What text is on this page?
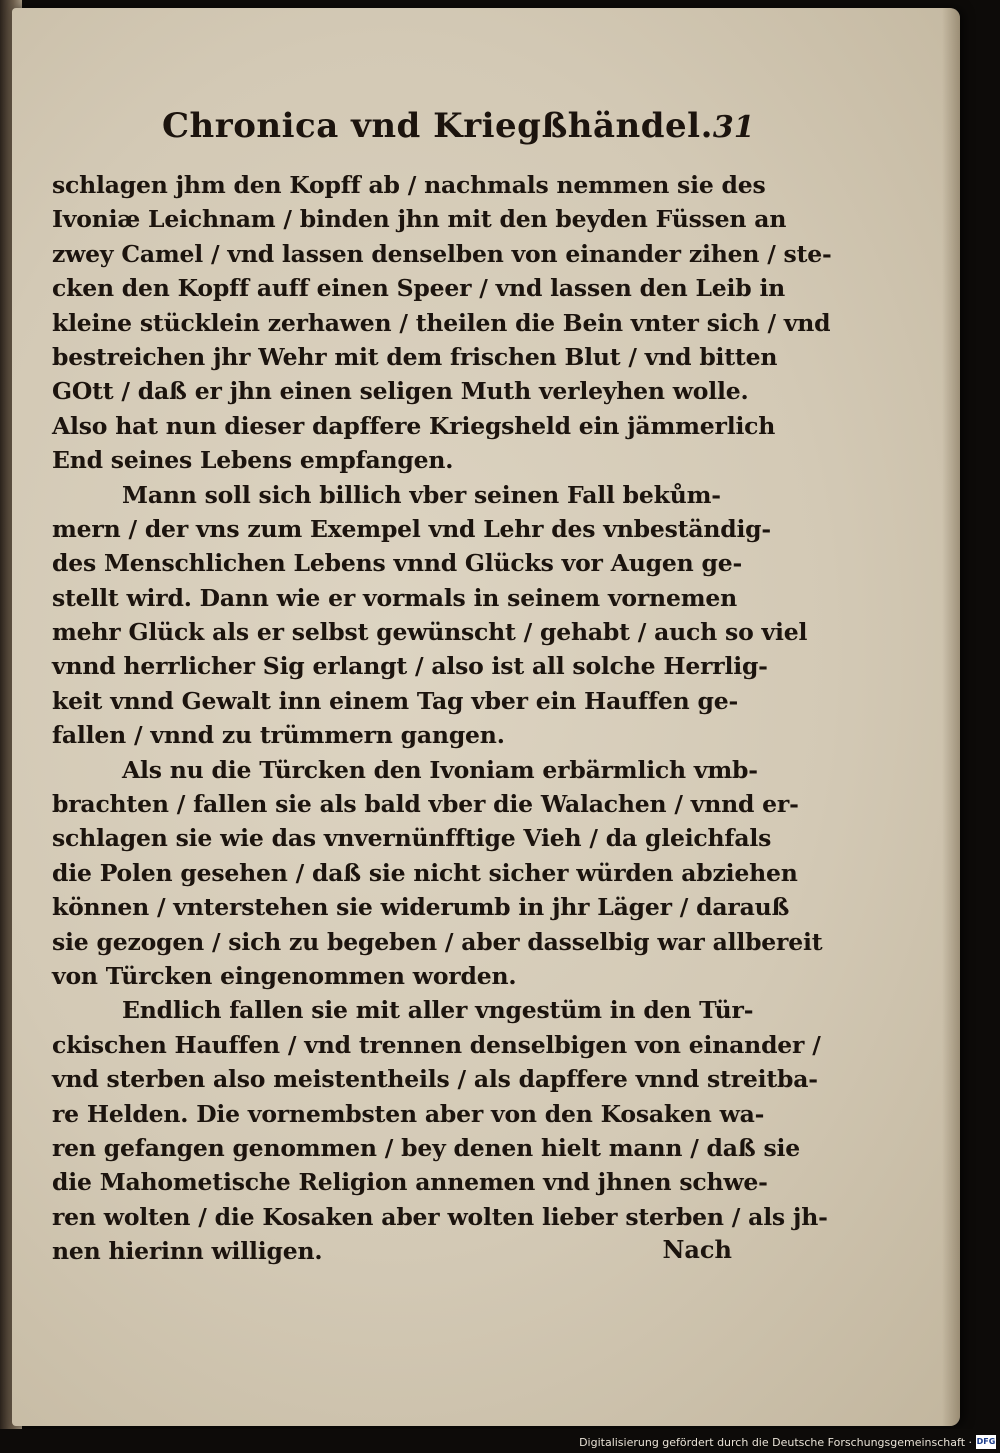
Chronica vnd Kriegßhändel. 31
schlagen jhm den Kopff ab / nachmals nemmen sie des
Ivoniæ Leichnam / binden jhn mit den beyden Füssen an
zwey Camel / vnd lassen denselben von einander zihen / ste-
cken den Kopff auff einen Speer / vnd lassen den Leib in
kleine stücklein zerhawen / theilen die Bein vnter sich / vnd
bestreichen jhr Wehr mit dem frischen Blut / vnd bitten
GOtt / daß er jhn einen seligen Muth verleyhen wolle.
Also hat nun dieser dapffere Kriegsheld ein jämmerlich
End seines Lebens empfangen.
Mann soll sich billich vber seinen Fall bekům-
mern / der vns zum Exempel vnd Lehr des vnbeständig-
des Menschlichen Lebens vnnd Glücks vor Augen ge-
stellt wird. Dann wie er vormals in seinem vornemen
mehr Glück als er selbst gewünscht / gehabt / auch so viel
vnnd herrlicher Sig erlangt / also ist all solche Herrlig-
keit vnnd Gewalt inn einem Tag vber ein Hauffen ge-
fallen / vnnd zu trümmern gangen.
Als nu die Türcken den Ivoniam erbärmlich vmb-
brachten / fallen sie als bald vber die Walachen / vnnd er-
schlagen sie wie das vnvernünfftige Vieh / da gleichfals
die Polen gesehen / daß sie nicht sicher würden abziehen
können / vnterstehen sie widerumb in jhr Läger / darauß
sie gezogen / sich zu begeben / aber dasselbig war allbereit
von Türcken eingenommen worden.
Endlich fallen sie mit aller vngestüm in den Tür-
ckischen Hauffen / vnd trennen denselbigen von einander /
vnd sterben also meistentheils / als dapffere vnnd streitba-
re Helden. Die vornembsten aber von den Kosaken wa-
ren gefangen genommen / bey denen hielt mann / daß sie
die Mahometische Religion annemen vnd jhnen schwe-
ren wolten / die Kosaken aber wolten lieber sterben / als jh-
nen hierinn willigen.	Nach
Digitalisierung gefördert durch die Deutsche Forschungsgemeinschaft · DFG
